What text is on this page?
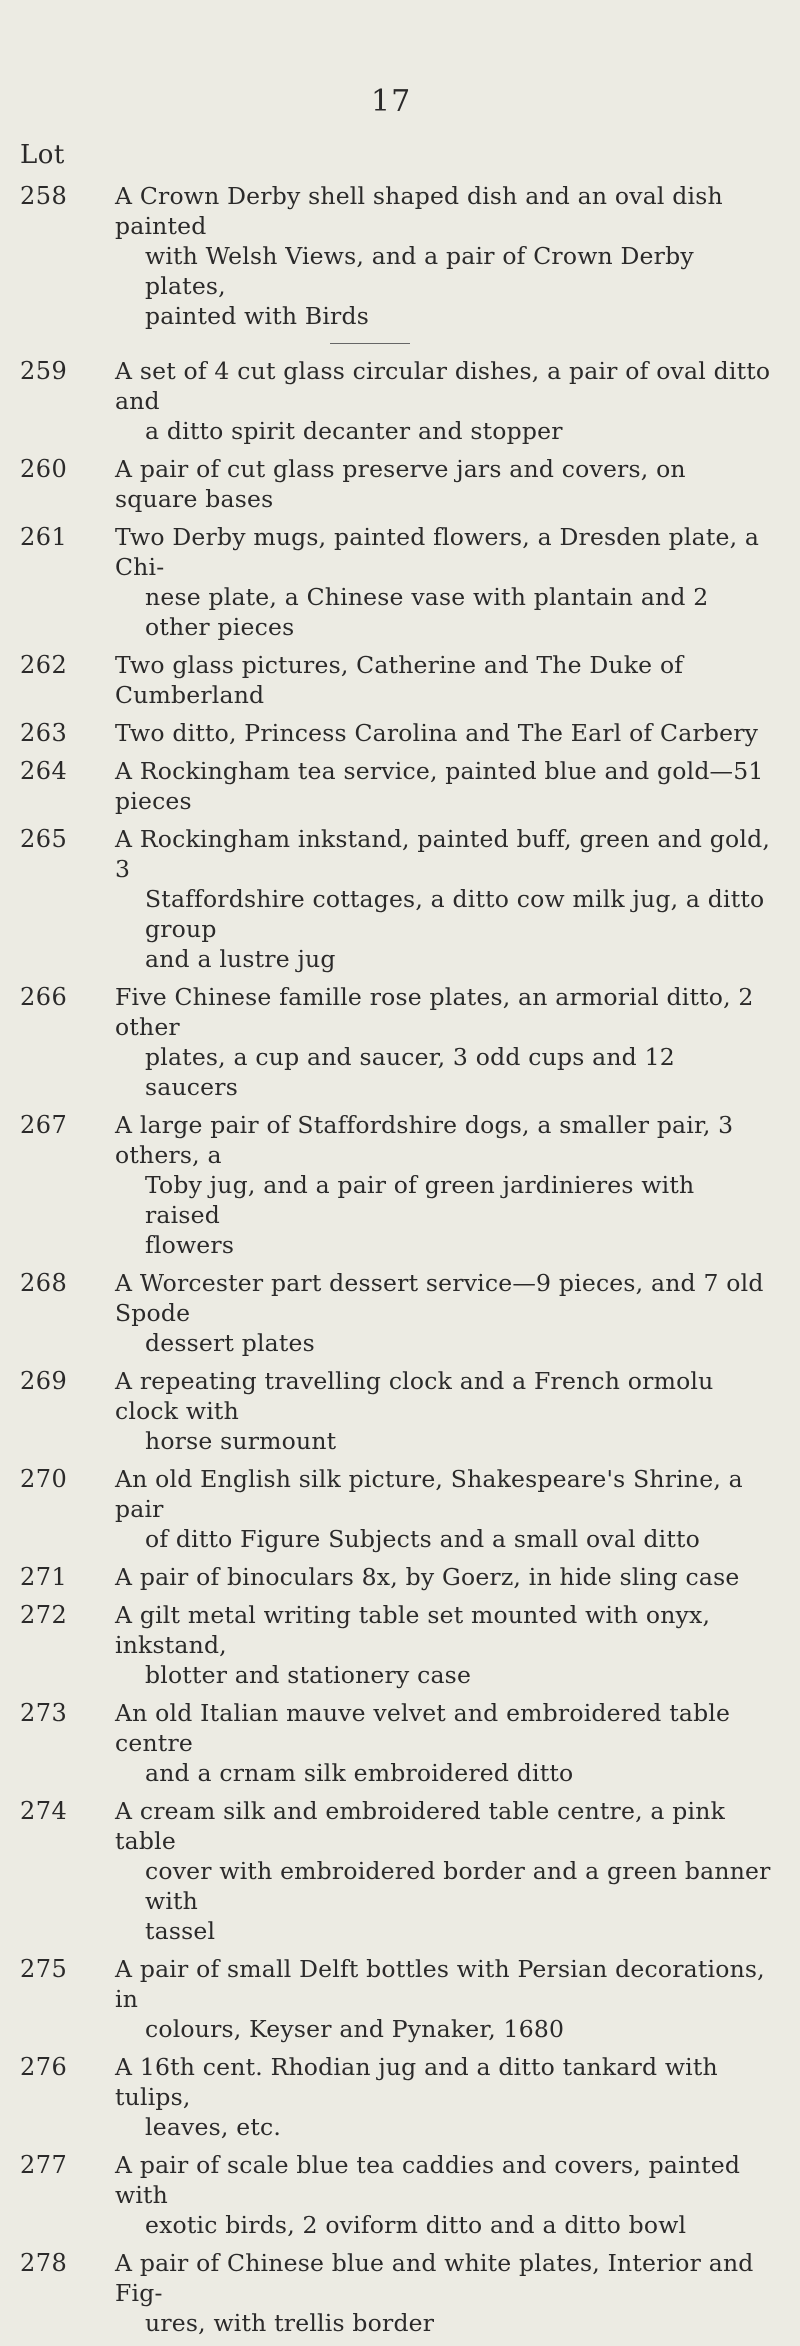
17
Lot
258 A Crown Derby shell shaped dish and an oval dish painted
with Welsh Views, and a pair of Crown Derby plates,
painted with Birds
259 A set of 4 cut glass circular dishes, a pair of oval ditto and
a ditto spirit decanter and stopper
260 A pair of cut glass preserve jars and covers, on square bases
261 Two Derby mugs, painted flowers, a Dresden plate, a Chi-
nese plate, a Chinese vase with plantain and 2 other pieces
262 Two glass pictures, Catherine and The Duke of Cumberland
263 Two ditto, Princess Carolina and The Earl of Carbery
264 A Rockingham tea service, painted blue and gold—51 pieces
265 A Rockingham inkstand, painted buff, green and gold, 3
Staffordshire cottages, a ditto cow milk jug, a ditto group
and a lustre jug
266 Five Chinese famille rose plates, an armorial ditto, 2 other
plates, a cup and saucer, 3 odd cups and 12 saucers
267 A large pair of Staffordshire dogs, a smaller pair, 3 others, a
Toby jug, and a pair of green jardinieres with raised
flowers
268 A Worcester part dessert service—9 pieces, and 7 old Spode
dessert plates
269 A repeating travelling clock and a French ormolu clock with
horse surmount
270 An old English silk picture, Shakespeare's Shrine, a pair
of ditto Figure Subjects and a small oval ditto
271 A pair of binoculars 8x, by Goerz, in hide sling case
272 A gilt metal writing table set mounted with onyx, inkstand,
blotter and stationery case
273 An old Italian mauve velvet and embroidered table centre
and a crnam silk embroidered ditto
274 A cream silk and embroidered table centre, a pink table
cover with embroidered border and a green banner with
tassel
275 A pair of small Delft bottles with Persian decorations, in
colours, Keyser and Pynaker, 1680
276 A 16th cent. Rhodian jug and a ditto tankard with tulips,
leaves, etc.
277 A pair of scale blue tea caddies and covers, painted with
exotic birds, 2 oviform ditto and a ditto bowl
278 A pair of Chinese blue and white plates, Interior and Fig-
ures, with trellis border
